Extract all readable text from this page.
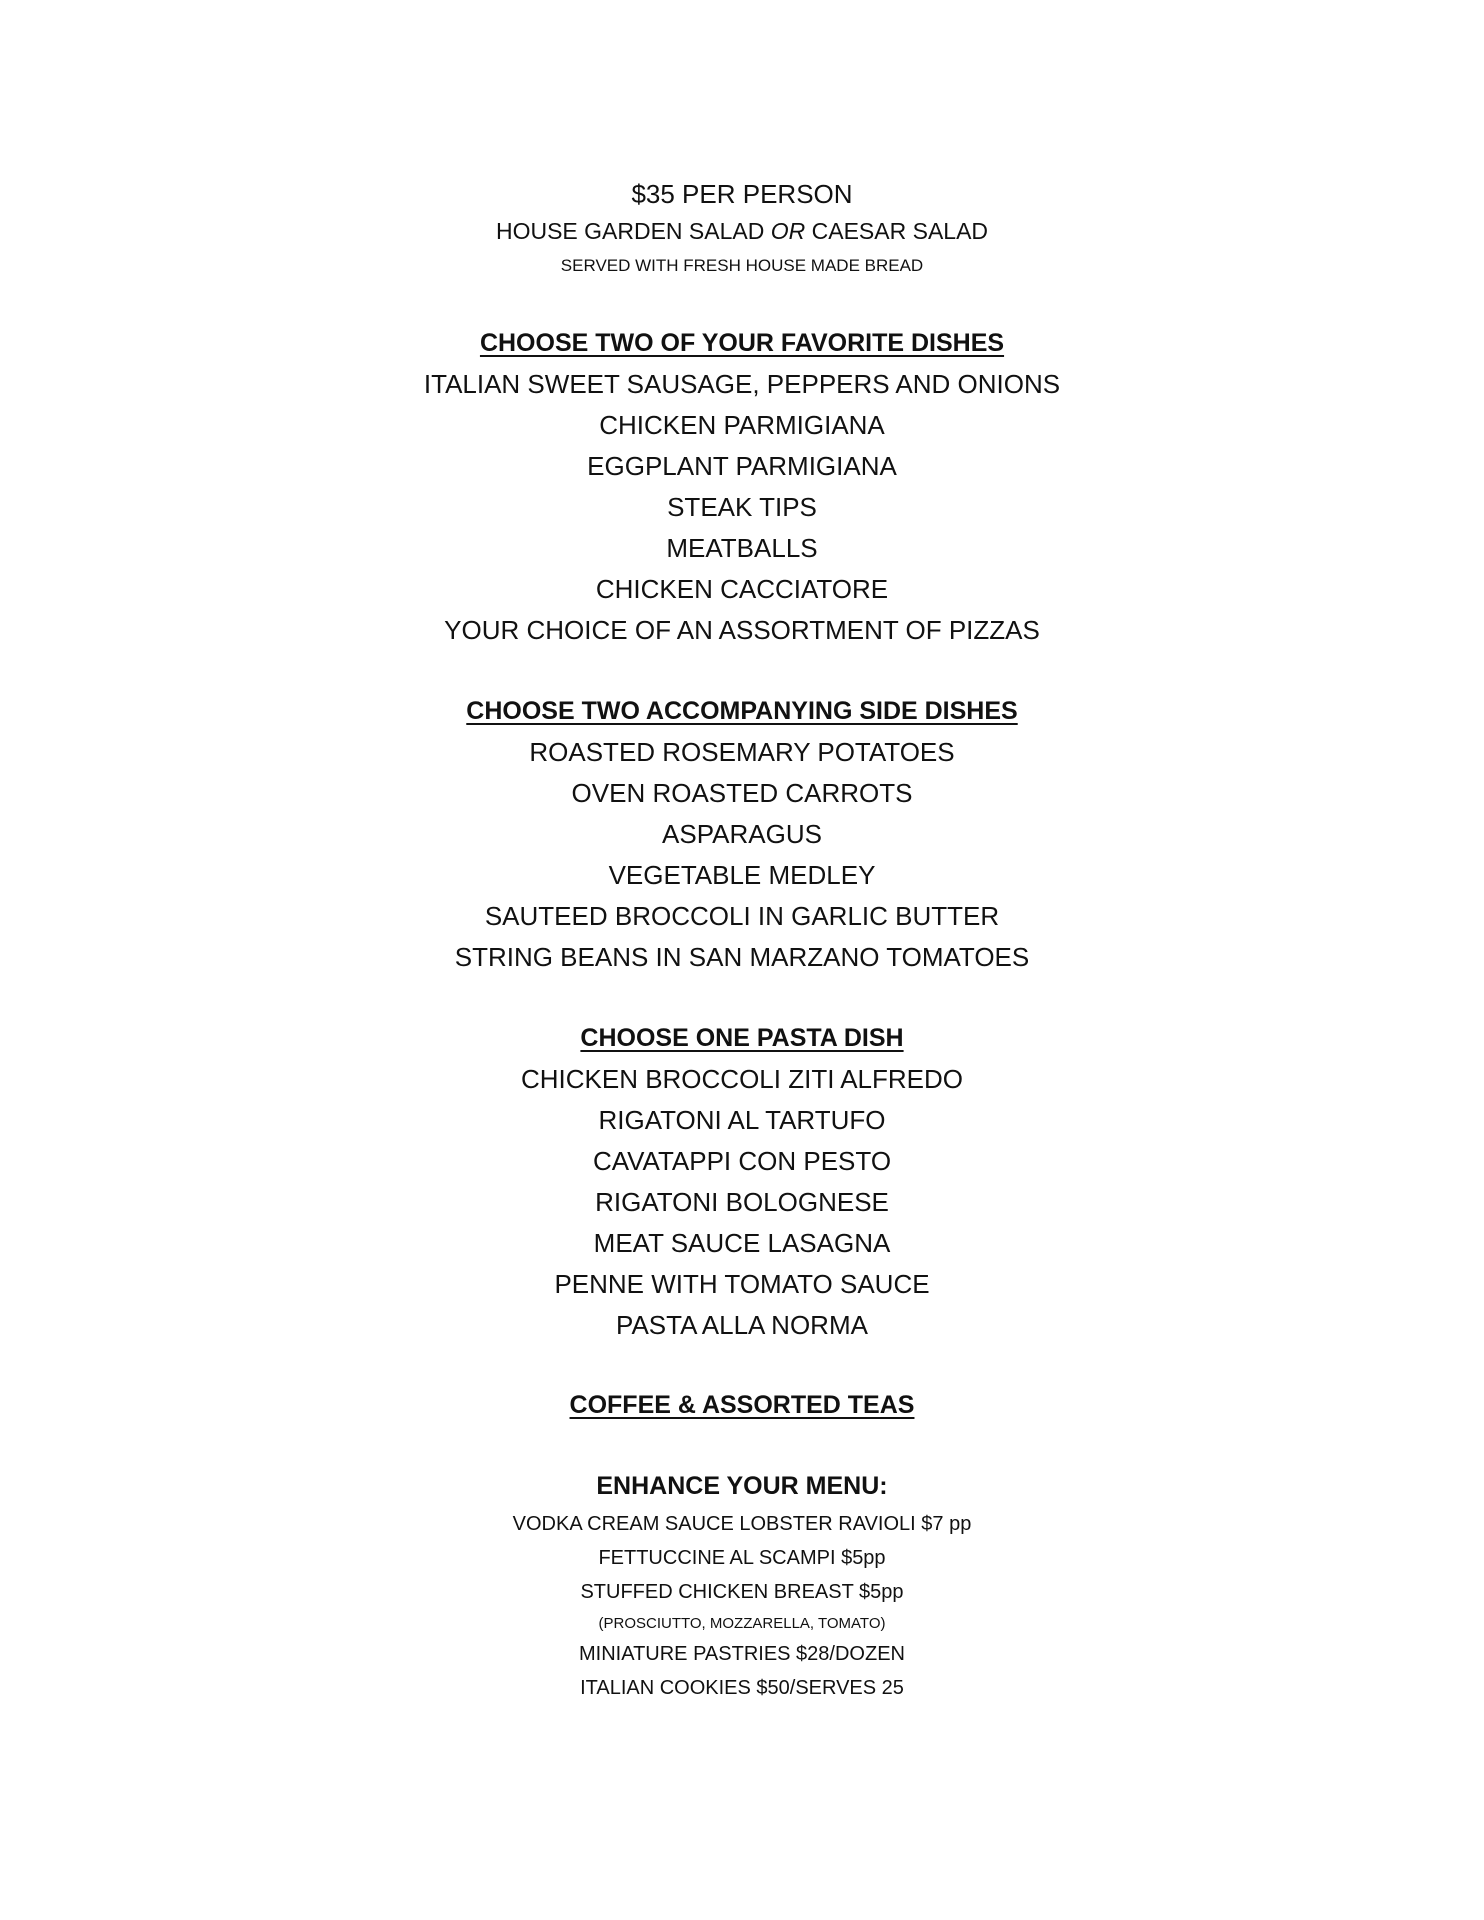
$35 PER PERSON
HOUSE GARDEN SALAD OR CAESAR SALAD
SERVED WITH FRESH HOUSE MADE BREAD
CHOOSE TWO OF YOUR FAVORITE DISHES
ITALIAN SWEET SAUSAGE, PEPPERS AND ONIONS
CHICKEN PARMIGIANA
EGGPLANT PARMIGIANA
STEAK TIPS
MEATBALLS
CHICKEN CACCIATORE
YOUR CHOICE OF AN ASSORTMENT OF PIZZAS
CHOOSE TWO ACCOMPANYING SIDE DISHES
ROASTED ROSEMARY POTATOES
OVEN ROASTED CARROTS
ASPARAGUS
VEGETABLE MEDLEY
SAUTEED BROCCOLI IN GARLIC BUTTER
STRING BEANS IN SAN MARZANO TOMATOES
CHOOSE ONE PASTA DISH
CHICKEN BROCCOLI ZITI ALFREDO
RIGATONI AL TARTUFO
CAVATAPPI CON PESTO
RIGATONI BOLOGNESE
MEAT SAUCE LASAGNA
PENNE WITH TOMATO SAUCE
PASTA ALLA NORMA
COFFEE & ASSORTED TEAS
ENHANCE YOUR MENU:
VODKA CREAM SAUCE LOBSTER RAVIOLI $7 pp
FETTUCCINE AL SCAMPI $5pp
STUFFED CHICKEN BREAST $5pp
(PROSCIUTTO, MOZZARELLA, TOMATO)
MINIATURE PASTRIES $28/DOZEN
ITALIAN COOKIES $50/SERVES 25
